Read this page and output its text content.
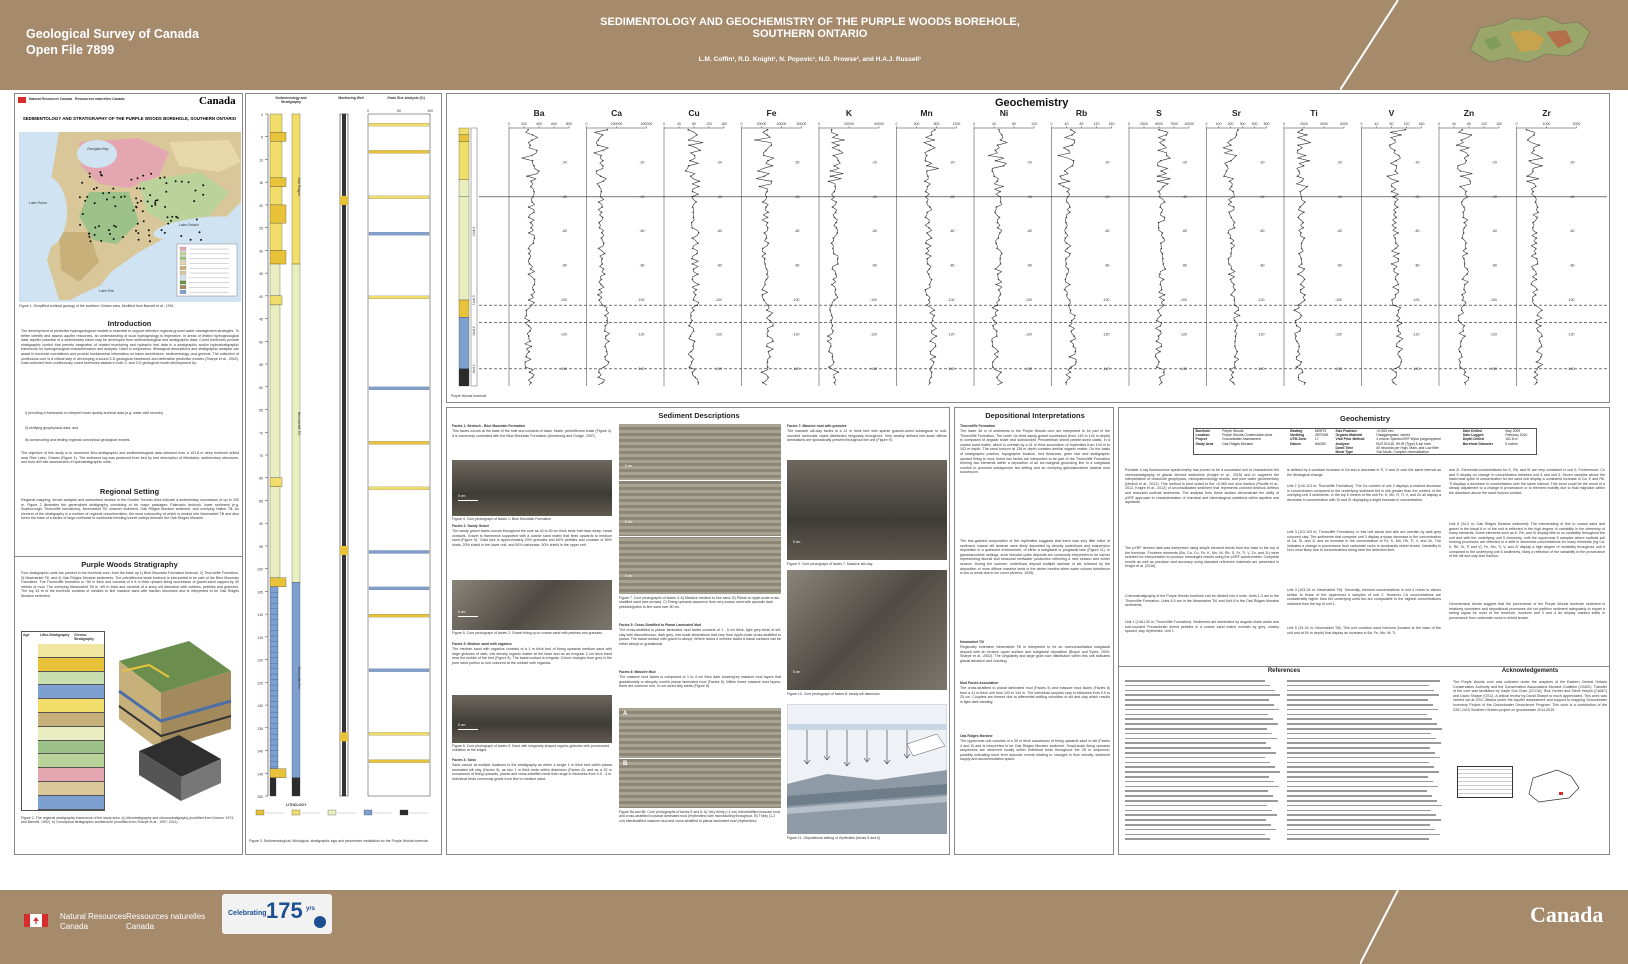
Geological Survey of Canada
Open File 7899
SEDIMENTOLOGY AND GEOCHEMISTRY OF THE PURPLE WOODS BOREHOLE,
SOUTHERN ONTARIO
L.M. Coffin¹, R.D. Knight¹, N. Popovic¹, N.D. Prowse², and H.A.J. Russell¹
Natural Resources Canada Ressources naturelles Canada	Canada
SEDIMENTOLOGY AND STRATIGRAPHY OF THE PURPLE WOODS BOREHOLE, SOUTHERN ONTARIO
Georgian Bay
Lake Huron
Lake Ontario
Lake Erie
Figure 1. Simplified surficial geology of the southern Ontario area. Modified from Barnett et al., 1991.
Introduction
The development of predictive hydrogeological models is essential to support effective regional ground water management strategies. To better identify and assess aquifer resources, an understanding of local hydrogeology is imperative. In areas of limited hydrogeological data, aquifer potential of a sedimentary basin may be developed from sedimentological and stratigraphic data. Cored boreholes provide stratigraphic control that permits integration of related monitoring and hydraulic test data in a stratigraphic and/or hydrostratigraphic framework for hydrogeological characterization and analysis. Used in conjunction, lithological descriptions and stratigraphic analysis can assist in borehole correlations and provide fundamental information on basin architecture, sedimentology, and genesis. The collection of continuous core is a critical step in developing a sound 3-D geological framework and defensible predictive models (Sharpe et al., 2002). Data collected from continuously cored boreholes assists in both 2- and 3-D geological model development by:
i) providing a framework to interpret lower quality archival data (e.g. water well records)
ii) verifying geophysical data, and
iii) constructing and testing regional conceptual geological models.
The objective of this study is to document litho-stratigraphic and sedimentological data obtained from a 151.8 m deep borehole drilled near Rice Lake, Ontario (Figure 1). The sediment log was produced from bed by bed description of lithofacies, sedimentary structures, and from drill site assessment of hydrostratigraphic units.
Regional Setting
Regional mapping, terrain analysis and subsurface studies in the Greater Toronto Area indicate a sedimentary succession of up to 200 m. Figure 2 illustrates the generalized stratigraphy consisting of six major packages: Paleozoic bedrock, lower sediment (e.g. Scarborough, Thorncliffe formations), Newmarket Till, channel sediment, Oak Ridges Moraine sediment, and overlying Halton Till. An element of the stratigraphy is a number of regional unconformities, the most noteworthy of which is eroded into Newmarket Till and also forms the base of a series of large northeast to southwest trending tunnel valleys beneath the Oak Ridges Moraine.
Purple Woods Stratigraphy
Four stratigraphic units are present in the borehole core; from the base up 1) Blue Mountain Formation bedrock, 2) Thorncliffe Formation, 3) Newmarket Till, and 4) Oak Ridges Moraine sediments. The petroliferous shale bedrock is interpreted to be part of the Blue Mountain Formation. The Thorncliffe formation is ~50 m thick and consists of a 6 m thick upward fining succession of gravel-sand capped by 40 metres of mud. The overlying Newmarket Till is ~69 m thick and consists of a stony silt diamicton with cobbles, pebbles and granules. The top 33 m of the borehole consists of medium to fine massive sand with traction structures and is interpreted to be Oak Ridges Moraine sediment.
Age	Litho-Stratigraphy Chrono-Stratigraphy
Figure 2. The regional stratigraphic framework of the study area. a) Lithostratigraphy and chronostratigraphy (modified from Karrow, 1974, and Barnett, 1992). b) Conceptual stratigraphic architecture (modified from Sharpe et al., 1997; 2011).
Sedimentology and Stratigraphy
Monitoring Well	Grain Size Analysis (%)
0
5
10
15
20
25
30
35
40
45
50
55
60
65
70
75
80
85
90
95
100
105
110
115
120
125
130
135
140
145
150
Oak Ridges
Newmarket Till
Thorncliffe Fm.
0	50	100
LITHOLOGY
Figure 3. Sedimentological, lithological, stratigraphic logs and piezometer installation for the Purple Woods borehole.
Geochemistry
Unit 4
Unit 3
Unit 2
Unit 1
Ba
0	200	400	600	800
-20
-40
-60
-80
-100
-120
-140
Ca
0	200000	400000
-20
-40
-60
-80
-100
-120
-140
Cu
0	40	80	120	160
-20
-40
-60
-80
-100
-120
-140
Fe
0	20000	40000	60000
-20
-40
-60
-80
-100
-120
-140
K
0	20000	40000
-20
-40
-60
-80
-100
-120
-140
Mn
0	400	800	1200
-20
-40
-60
-80
-100
-120
-140
Ni
0	40	80	120
-20
-40
-60
-80
-100
-120
-140
Rb
0	40	80	120	160
-20
-40
-60
-80
-100
-120
-140
S
0	2500 5000 7500 10000
-20
-40
-60
-80
-100
-120
-140
Sr
0 100 200 300 400 500
-20
-40
-60
-80
-100
-120
-140
Ti
0	2000	4000	6000
-20
-40
-60
-80
-100
-120
-140
V
0	40	80	120	160
-20
-40
-60
-80
-100
-120
-140
Zn
0	40	80	120	160
-20
-40
-60
-80
-100
-120
-140
Zr
0	1000	2000
-20
-40
-60
-80
-100
-120
-140
Purple Woods borehole
Sediment Descriptions
Facies 1: Bedrock - Blue Mountain Formation
This facies occurs at the base of the hole and consists of black, fissile, petroliferous shale (Figure 4). It is commonly correlated with the Blue Mountain Formation (Armstrong and Dodge, 2007).
5 cm
Figure 4. Core photograph of facies 1: Blue Mountain Formation
Facies 2: Sandy Gravel
The sandy gravel facies occurs throughout the core as 40 to 50 cm thick beds that have sharp, basal contacts. Gravel is framework supported with a coarse sand matrix that fines upwards to medium sand (Figure 5). Clast size is approximately 20% granules and 60% pebbles and consists of 80% shale, 20% shield in the lower unit, and 50% carbonate, 50% shield in the upper unit.
5 cm
Figure 5. Core photograph of facies 2: Gravel fining up to coarse sand with pebbles and granules.
Facies 3: Medium sand with organics
The medium sand with organics consists of a 1 m thick bed of fining upwards medium sand with large globules of dark, low density organic matter at the base and as an irregular 2 cm thick band near the middle of the bed (Figure 6). The basal contact is irregular. Colour changes from grey in the pure sand portion to rust coloured at the contact with organics.
5 cm
Figure 6. Core photograph of facies 3: Sand with irregularly shaped organic globules with pronounced oxidation at the edges.
Facies 4: Sand
Sand occurs at multiple locations in the stratigraphy as either a single 1 m thick bed within planar laminated silt clay (Facies 5), as two 1 m thick beds within diamicton (Facies 8), and as a 32 m succession of fining upwards, planar and cross-stratified beds that range in thickness from 0.5 - 4 m. Individual beds commonly grade from fine to medium sand.
5 cm
5 cm
5 cm
Figure 7. Core photographs of facies 4: A) Massive medium to fine sand. B) Planar to ripple-scale cross-stratified sand (see arrows). C) Fining-upwards sequence from very-coarse sand with sporadic dark pebbles/grains to fine sand over 50 cm.
Facies 5: Cross-Stratified to Planar Laminated Mud
The cross-stratified to planar laminated mud facies consists of 1 - 5 cm thick, light grey beds of silt-clay with discontinuous, dark grey, mm-scale laminations that vary from ripple-scale cross-stratified to planar. The basal contact with gravel is abrupt. Where facies 5 overlies facies 6 basal contacts can be either abrupt or gradational.
Facies 6: Massive Mud
The massive mud facies is composed of 1 to 4 cm thick dark brown/grey massive mud layers that gradationally or abruptly overlie planar laminated mud (Facies 5). Within these massive mud layers, there are common mm- to cm-sized silty blebs (Figure 8).
A
B
Figure 8a and 8b. Core photographs of facies 5 and 6: A) Very thinly (<1 cm) interstratified massive mud and cross-stratified to planar laminated mud (rhythmites) with microfaulting throughout. B) Thinly (1-2 cm) interstratified massive mud and cross-stratified to planar laminated mud (rhythmites).
Facies 7: Massive mud with granules
The massive silt-clay facies is a 12 m thick bed with sparse granule-sized subangular to sub-rounded carbonate clasts distributed irregularly throughout. Very weakly defined mm-scale diffuse laminations are sporadically present throughout the unit (Figure 9).
5 cm
Figure 9. Core photograph of facies 7: Massive silt-clay.
5 cm
Figure 10. Core photograph of facies 8: sandy-silt diamicton.
Figure 11. Depositional setting of rhythmites (facies 5 and 6)
Depositional Interpretations
Thorncliffe Formation
The lower 46 m of sediments in the Purple Woods core are interpreted to be part of the Thorncliffe Formation. The lower 1m thick sandy-gravel succession (from 149 to 145 m depth) is composed of angular shale and subrounded Precambrian shield pebble-sized clasts, in a coarse sand matrix, which is overlain by a 41 m thick succession of rhythmites from 144 m to 103 m depth. The sand horizon at 136 m depth contains detrital organic matter. On the basis of stratigraphic position, topographic location, bed thickness, grain size and stratigraphic upward fining to mud, these two facies are interpreted to be part of the Thorncliffe Formation forming two elements within a deposition of an ice-marginal grounding line in a subglacial conduit to proximal subaqueous fan setting and an overlying glaciolacustrine basinal mud succession.
The fine-grained composition of the rhythmites suggests that there was very little influx of sediment, coarse silt laminae were likely deposited by density underflows and suspension deposition in a quiescent environment, of either a subglacial or proglacial lake (Figure 11). In glaciolacustrine settings, such bimodal cyclic deposits are commonly interpreted to be varves representing diurnal and seasonal meltwater production reflecting a melt season and winter season. During the summer, underflows deposit multiple laminae of silt, followed by the deposition of more diffuse massive beds in the winter months when water column turbulence is low or weak due to ice cover (Antevs, 1925).
Newmarket Till
Regionally extensive Newmarket Till is interpreted to be an overconsolidated subglacial deposit with an erosive upper surface and subglacial deposition (Boyce and Eyles, 2000; Sharpe et al., 2002). The singularity and large grain size distribution within this unit indicates glacial abrasion and crushing.
Mud Facies Association
The cross-stratified to planar laminated mud (Facies 5) and massive mud facies (Facies 6) form a 41 m thick unit from 103 to 144 m. The individual couplets vary in thickness from 0.5 to 25 cm. Couplets are formed due to differential settling velocities of silt and clay which results in light-dark banding.
Oak Ridges Moraine
The uppermost unit consists of a 35 m thick succession of fining upwards sand to silt (Facies 4 and 5) and is interpreted to be Oak Ridges Moraine sediment. Small-scale fining upwards sequences are observed locally within individual beds throughout the 35 m sequence; possibly indicating short term episodic events relating to changes in flow velocity, sediment supply and accommodation space.
Geochemistry
Borehole	Purple Woods	Easting	690973	Size Fraction	<0.063 mm	Date Drilled	May 2009
Location	Purple Woods Conservation Area	Northing	4879158	Organic Material	Disaggregated, sieved	Date Logged	February 2010
Project	Groundwater Assessment	UTM Zone	17	Visit Prior Method	4 micron Spectro/XRF Mylar polypropylene	Depth Drilled	151.8 m
Study Area	Oak Ridges Moraine	Datum	NAD83	Analyzer	BLR SOLID, 59-IR (Type) 5-s/p tube	Borehole Diameter	5 inches
				Dwell Time	60 seconds per High, Main, and Low filter		
				Mode Type	Soil Mode, Complex mineralisation		
Portable X-ray fluorescence spectrometry has proven to be a successful tool to characterize the chemostratigraphy of glacial derived sediments (Knight et al., 2015) and to augment the interpretation of downhole geophysics, micropaleontology results, and pore water geochemistry (Medioli et al., 2012). This method is best suited to the <0.063 mm size fraction (Plouffe et al., 2012, Knight et al., 2012) of unconsolidated sediment that represents crushed bedrock detritus and reworked surficial sediments. The analysis from these studies demonstrate the utility of pXRF approach to characterization of chemical and mineralogical variations within aquifers and aquitards.
The pXRF derived data was interpreted using simple element trends from the base to the top of the borehole. Fourteen elements (Ba, Ca, Cu, Fe, K, Mn, Ni, Rb, S, Sr, Ti, V, Zn, and Zr) were selected for interpretation to produce meaningful results using the pXRF spectrometer. Complete results as well as precision and accuracy using standard reference materials are presented in Knight et al. (2016).
Chemostratigraphy of the Purple Woods borehole can be divided into 4 units: Units 1-3 are in the Thorncliffe Formation, Units 4-5 are in the Newmarket Till, and Unit 6 is the Oak Ridges Moraine sediments.
Unit 1 (148-130 m; Thorncliffe Formation): Sediments are dominated by angular shale clasts and sub-rounded Precambrian shield pebbles in a coarse sand matrix overlain by grey, closely spaced, clay rhythmites. Unit 1
is defined by a constant increase in Ca and a decrease in Ti, V and Zr over the same interval as the lithological change.
Unit 2 (140-113 m; Thorncliffe Formation): The Ca content of unit 2 displays a marked decrease in concentration compared to the underlying sediment but is still greater than the content of the overlying unit 3 sediments. In the top 5 meters of the unit Fe, K, Mn, R, Ti, V, and Zn all display a decrease in concentration with Sr and Zr displaying a slight increase in concentration.
Unit 3 (113-103 m; Thorncliffe Formation): In this unit sands and silts are overlain by dark grey coloured clay. The sediments that comprise unit 3 display a sharp decrease in the concentration of Ca, Sr, and Zr and an increase in the concentration of Fe, K, Mn, Rb, Ti, V, and Zn. The indicates a change in provenance from carbonate rocks to dominantly shield terrain. Variability in Ni is most likely due to concentrations being near the detection limit.
Unit 4 (103-34 m; Newmarket Till): Generally, element concentrations in unit 4 return to values similar to those of the uppermost 4 samples of unit 2. However Ca concentrations are considerably higher than the underlying units but are comparable to the highest concentrations obtained from the top of unit 1.
Unit 5 (34-34 m; Newmarket Till): This unit contains sand horizons (located at the base of the unit and at 54 m depth) that display an increase in Ba, Fe, Mn, Ni, Ti,
and Zr. Elemental concentrations for K, Rb, and Sr are very consistent in unit 5. Furthermore, Cu and S display no change in concentration between unit 4 and unit 5. Seven samples above the lowermost spike in concentration for the sand unit display a consistent increase in Ca, K and Rb. Ti displays a decrease in concentration over the same interval. This trend could be the result of a steady adjustment to a change in provenance or to element mobility due to fluid migration within the diamicton above the sand horizon contact.
Unit 6 (34-0 m; Oak Ridges Moraine sediment): The interbedding of fine to coarse sand and gravel in the basal 6 m of the unit is reflected in the high degree of variability in the chemistry of many elements. Some elements such as K, Rb, and Sr display little to no variability throughout the unit and with the underlying unit 5 chemistry, until the uppermost 5 samples where surficial soil forming processes are reflected in a shift in elemental concentrations for many elements (eg Ca, K, Rb, Sr, Ti and V). Fe, Mn, Ti, V, and Zr display a high degree of variability throughout unit 6 compared to the underlying unit 5 sediments, likely a reflection of the variability in the provenance of the silt and clay size fraction.
Geochemical trends suggest that the provenance of the Purple Woods borehole sediment is relatively consistent and depositional processes did not partition sediment adequately to impart a strong signal for most of the borehole, however unit 3 and 4 do display marked shifts in provenance from carbonate rocks to shield terrain.
References	Acknowledgements
The Purple Woods core was collected under the auspices of the Eastern Central Ontario Conservation Authority and the Conservation Associations Moraine Coalition (CAMC). Transfer of the core was facilitated by Gayle Soo Chan (CCOA), Rick Gerber and Steve Holysh (CAMC) and David Sharpe (GSC). A critical review by David Sharpe is much appreciated. This work was carried out at GSC-Ottawa under the Aquifer assessment and support to mapping Groundwater Inventory Project of the Groundwater Geoscience Program. This work is a contribution of the GSC-OGS Southern Ontario project on groundwater 2014-2019.
Natural Resources
Canada
Ressources naturelles
Canada
Celebrating 175 yrs	Canada
